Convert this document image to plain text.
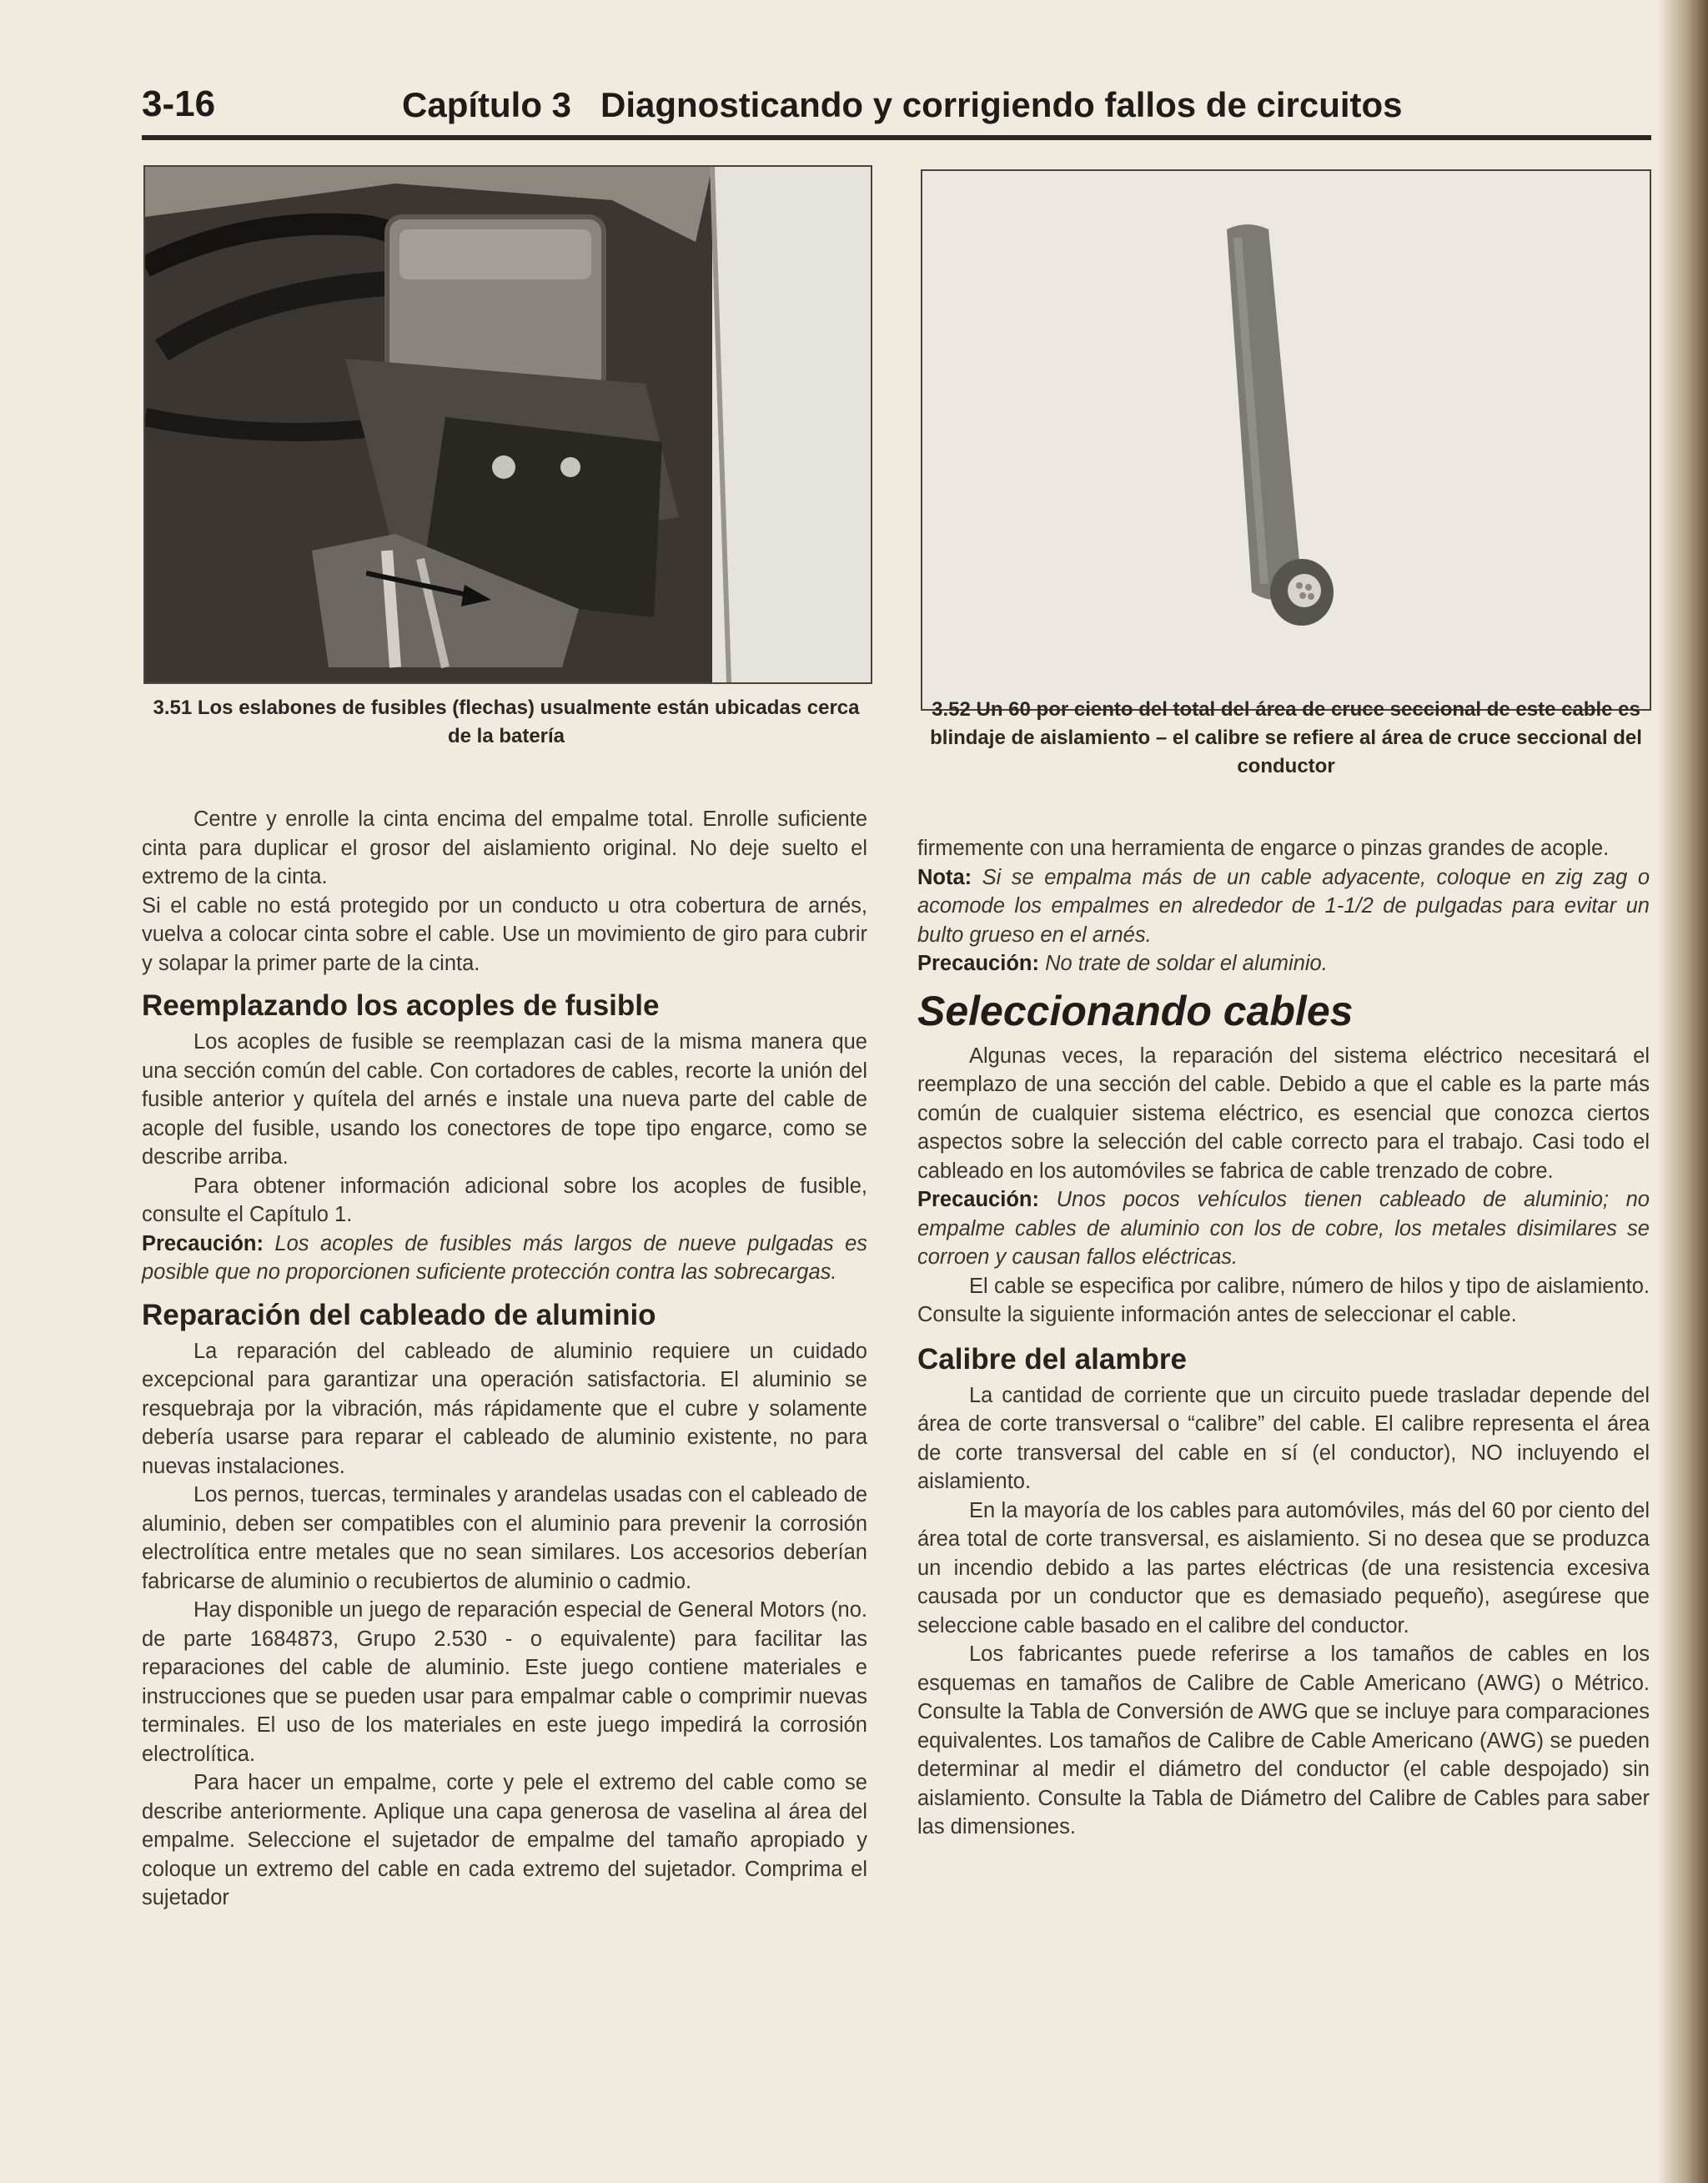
3-16	Capítulo 3   Diagnosticando y corrigiendo fallos de circuitos
3.51 Los eslabones de fusibles (flechas) usualmente están ubicadas cerca de la batería
3.52 Un 60 por ciento del total del área de cruce seccional de este cable es blindaje de aislamiento – el calibre se refiere al área de cruce seccional del conductor

Centre y enrolle la cinta encima del empalme total. Enrolle suficiente cinta para duplicar el grosor del aislamiento original. No deje suelto el extremo de la cinta.

Si el cable no está protegido por un conducto u otra cobertura de arnés, vuelva a colocar cinta sobre el cable. Use un movimiento de giro para cubrir y solapar la primer parte de la cinta.

Reemplazando los acoples de fusible

Los acoples de fusible se reemplazan casi de la misma manera que una sección común del cable. Con cortadores de cables, recorte la unión del fusible anterior y quítela del arnés e instale una nueva parte del cable de acople del fusible, usando los conectores de tope tipo engarce, como se describe arriba.

Para obtener información adicional sobre los acoples de fusible, consulte el Capítulo 1.

Precaución: Los acoples de fusibles más largos de nueve pulgadas es posible que no proporcionen suficiente protección contra las sobrecargas.

Reparación del cableado de aluminio

La reparación del cableado de aluminio requiere un cuidado excepcional para garantizar una operación satisfactoria. El aluminio se resquebraja por la vibración, más rápidamente que el cubre y solamente debería usarse para reparar el cableado de aluminio existente, no para nuevas instalaciones.

Los pernos, tuercas, terminales y arandelas usadas con el cableado de aluminio, deben ser compatibles con el aluminio para prevenir la corrosión electrolítica entre metales que no sean similares. Los accesorios deberían fabricarse de aluminio o recubiertos de aluminio o cadmio.

Hay disponible un juego de reparación especial de General Motors (no. de parte 1684873, Grupo 2.530 - o equivalente) para facilitar las reparaciones del cable de aluminio. Este juego contiene materiales e instrucciones que se pueden usar para empalmar cable o comprimir nuevas terminales. El uso de los materiales en este juego impedirá la corrosión electrolítica.

Para hacer un empalme, corte y pele el extremo del cable como se describe anteriormente. Aplique una capa generosa de vaselina al área del empalme. Seleccione el sujetador de empalme del tamaño apropiado y coloque un extremo del cable en cada extremo del sujetador. Comprima el sujetador

firmemente con una herramienta de engarce o pinzas grandes de acople.

Nota: Si se empalma más de un cable adyacente, coloque en zig zag o acomode los empalmes en alrededor de 1-1/2 de pulgadas para evitar un bulto grueso en el arnés.

Precaución: No trate de soldar el aluminio.

Seleccionando cables

Algunas veces, la reparación del sistema eléctrico necesitará el reemplazo de una sección del cable. Debido a que el cable es la parte más común de cualquier sistema eléctrico, es esencial que conozca ciertos aspectos sobre la selección del cable correcto para el trabajo. Casi todo el cableado en los automóviles se fabrica de cable trenzado de cobre.

Precaución: Unos pocos vehículos tienen cableado de aluminio; no empalme cables de aluminio con los de cobre, los metales disimilares se corroen y causan fallos eléctricas.

El cable se especifica por calibre, número de hilos y tipo de aislamiento. Consulte la siguiente información antes de seleccionar el cable.

Calibre del alambre

La cantidad de corriente que un circuito puede trasladar depende del área de corte transversal o “calibre” del cable. El calibre representa el área de corte transversal del cable en sí (el conductor), NO incluyendo el aislamiento.

En la mayoría de los cables para automóviles, más del 60 por ciento del área total de corte transversal, es aislamiento. Si no desea que se produzca un incendio debido a las partes eléctricas (de una resistencia excesiva causada por un conductor que es demasiado pequeño), asegúrese que seleccione cable basado en el calibre del conductor.

Los fabricantes puede referirse a los tamaños de cables en los esquemas en tamaños de Calibre de Cable Americano (AWG) o Métrico. Consulte la Tabla de Conversión de AWG que se incluye para comparaciones equivalentes. Los tamaños de Calibre de Cable Americano (AWG) se pueden determinar al medir el diámetro del conductor (el cable despojado) sin aislamiento. Consulte la Tabla de Diámetro del Calibre de Cables para saber las dimensiones.
